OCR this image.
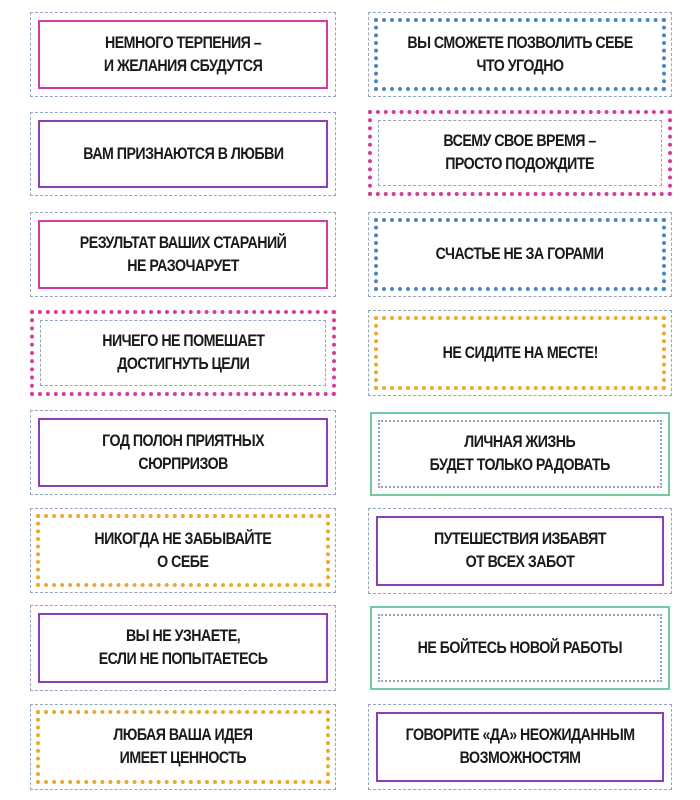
НЕМНОГО ТЕРПЕНИЯ –
И ЖЕЛАНИЯ СБУДУТСЯ
ВАМ ПРИЗНАЮТСЯ В ЛЮБВИ
РЕЗУЛЬТАТ ВАШИХ СТАРАНИЙ
НЕ РАЗОЧАРУЕТ
НИЧЕГО НЕ ПОМЕШАЕТ
ДОСТИГНУТЬ ЦЕЛИ
ГОД ПОЛОН ПРИЯТНЫХ
СЮРПРИЗОВ
НИКОГДА НЕ ЗАБЫВАЙТЕ
О СЕБЕ
ВЫ НЕ УЗНАЕТЕ,
ЕСЛИ НЕ ПОПЫТАЕТЕСЬ
ЛЮБАЯ ВАША ИДЕЯ
ИМЕЕТ ЦЕННОСТЬ
ВЫ СМОЖЕТЕ ПОЗВОЛИТЬ СЕБЕ
ЧТО УГОДНО
ВСЕМУ СВОЕ ВРЕМЯ –
ПРОСТО ПОДОЖДИТЕ
СЧАСТЬЕ НЕ ЗА ГОРАМИ
НЕ СИДИТЕ НА МЕСТЕ!
ЛИЧНАЯ ЖИЗНЬ
БУДЕТ ТОЛЬКО РАДОВАТЬ
ПУТЕШЕСТВИЯ ИЗБАВЯТ
ОТ ВСЕХ ЗАБОТ
НЕ БОЙТЕСЬ НОВОЙ РАБОТЫ
ГОВОРИТЕ «ДА» НЕОЖИДАННЫМ
ВОЗМОЖНОСТЯМ
